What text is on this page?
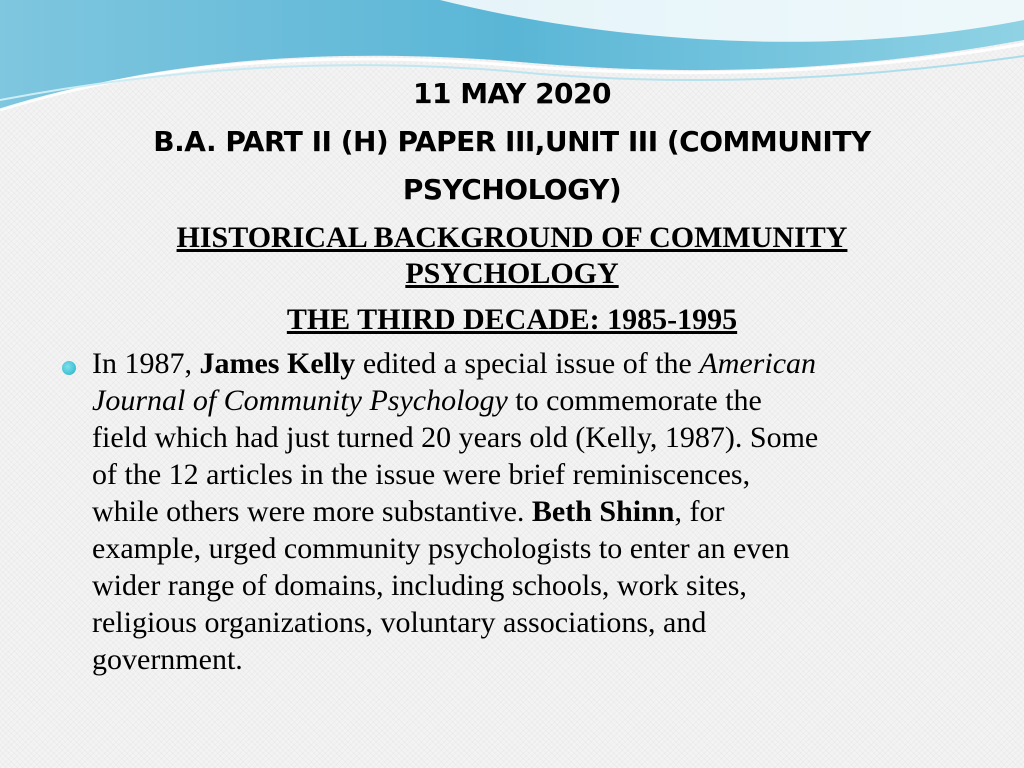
11 MAY 2020
B.A. PART II (H) PAPER III,UNIT III (COMMUNITY
PSYCHOLOGY)
HISTORICAL BACKGROUND OF COMMUNITY
PSYCHOLOGY
THE THIRD DECADE: 1985-1995
In 1987, James Kelly edited a special issue of the American
Journal of Community Psychology to commemorate the
field which had just turned 20 years old (Kelly, 1987). Some
of the 12 articles in the issue were brief reminiscences,
while others were more substantive. Beth Shinn, for
example, urged community psychologists to enter an even
wider range of domains, including schools, work sites,
religious organizations, voluntary associations, and
government.
